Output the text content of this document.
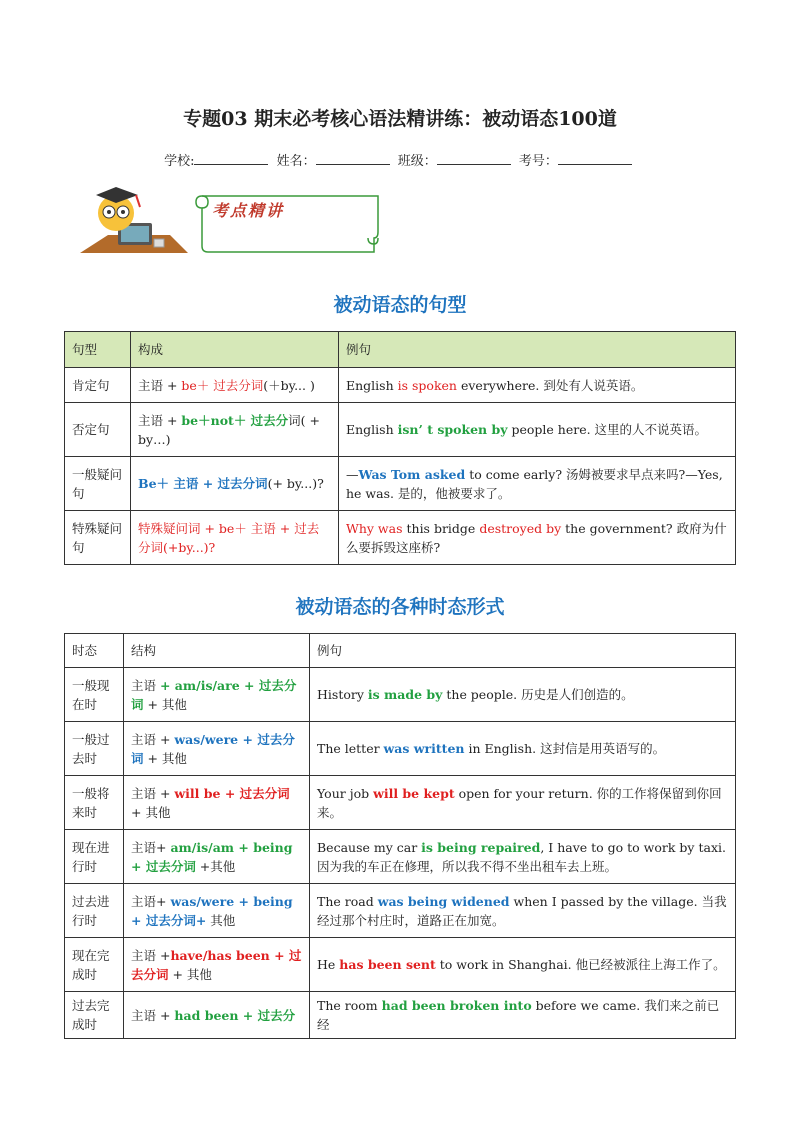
专题03 期末必考核心语法精讲练：被动语态100道
学校:	姓名：	班级：	考号：
考点精讲
被动语态的句型
句型	构成	例句
肯定句	主语 + be＋ 过去分词(＋by... )	English is spoken everywhere. 到处有人说英语。
否定句	主语 + be＋not＋ 过去分词( + by…)	English isn’ t spoken by people here. 这里的人不说英语。
一般疑问句	Be＋ 主语 + 过去分词(+ by...)?	—Was Tom asked to come early? 汤姆被要求早点来吗?—Yes, he was. 是的，他被要求了。
特殊疑问句	特殊疑问词 + be＋ 主语 + 过去分词(+by...)?	Why was this bridge destroyed by the government? 政府为什么要拆毁这座桥?
被动语态的各种时态形式
时态	结构	例句
一般现在时	主语 + am/is/are + 过去分词 + 其他	History is made by the people. 历史是人们创造的。
一般过去时	主语 + was/were + 过去分词 + 其他	The letter was written in English. 这封信是用英语写的。
一般将来时	主语 + will be + 过去分词 + 其他	Your job will be kept open for your return. 你的工作将保留到你回来。
现在进行时	主语+ am/is/am + being + 过去分词 +其他	Because my car is being repaired, I have to go to work by taxi. 因为我的车正在修理，所以我不得不坐出租车去上班。
过去进行时	主语+ was/were + being + 过去分词+ 其他	The road was being widened when I passed by the village. 当我经过那个村庄时，道路正在加宽。
现在完成时	主语 +have/has been + 过去分词 + 其他	He has been sent to work in Shanghai. 他已经被派往上海工作了。
过去完成时	主语 + had been + 过去分	The room had been broken into before we came. 我们来之前已经
